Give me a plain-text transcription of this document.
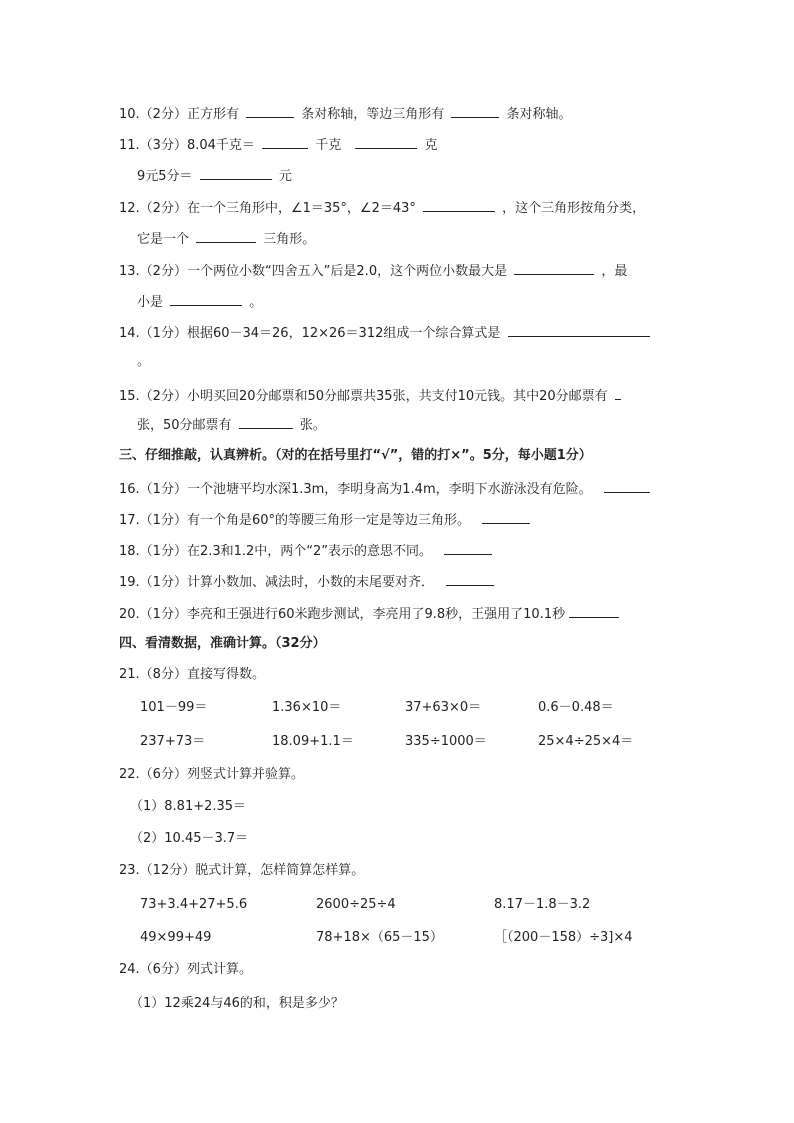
10.（2分）正方形有	条对称轴，等边三角形有	条对称轴。
11.（3分）8.04千克＝	千克	克
9元5分＝	元
12.（2分）在一个三角形中，∠1＝35°，∠2＝43°	，这个三角形按角分类，
它是一个	三角形。
13.（2分）一个两位小数“四舍五入”后是2.0，这个两位小数最大是	，最
小是	。
14.（1分）根据60－34＝26，12×26＝312组成一个综合算式是
。
15.（2分）小明买回20分邮票和50分邮票共35张，共支付10元钱。其中20分邮票有
张，50分邮票有	张。
三、仔细推敲，认真辨析。（对的在括号里打“√”，错的打×”。5分，每小题1分）
16.（1分）一个池塘平均水深1.3m，李明身高为1.4m，李明下水游泳没有危险。
17.（1分）有一个角是60°的等腰三角形一定是等边三角形。
18.（1分）在2.3和1.2中，两个“2”表示的意思不同。
19.（1分）计算小数加、减法时，小数的末尾要对齐．
20.（1分）李亮和王强进行60米跑步测试，李亮用了9.8秒，王强用了10.1秒
四、看清数据，准确计算。（32分）
21.（8分）直接写得数。
101－99＝	1.36×10＝	37+63×0＝	0.6－0.48＝
237+73＝	18.09+1.1＝	335÷1000＝	25×4÷25×4＝
22.（6分）列竖式计算并验算。
（1）8.81+2.35＝
（2）10.45－3.7＝
23.（12分）脱式计算，怎样简算怎样算。
73+3.4+27+5.6	2600÷25÷4	8.17－1.8－3.2
49×99+49	78+18×（65－15）	［（200－158）÷3]×4
24.（6分）列式计算。
（1）12乘24与46的和，积是多少？
